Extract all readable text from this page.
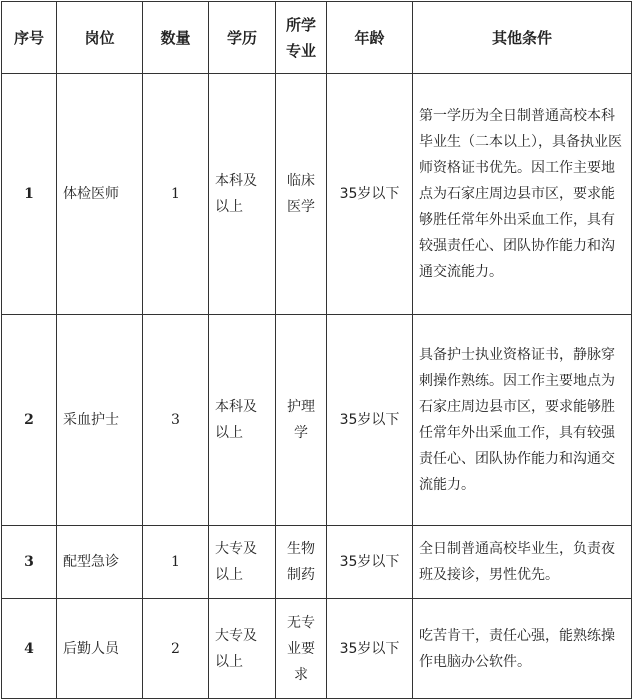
序号	岗位	数量	学历	所学专业	年龄	其他条件
1	体检医师	1	本科及以上	临床医学	35岁以下	第一学历为全日制普通高校本科毕业生（二本以上），具备执业医师资格证书优先。因工作主要地点为石家庄周边县市区，要求能够胜任常年外出采血工作，具有较强责任心、团队协作能力和沟通交流能力。
2	采血护士	3	本科及以上	护理学	35岁以下	具备护士执业资格证书，静脉穿刺操作熟练。因工作主要地点为石家庄周边县市区，要求能够胜任常年外出采血工作，具有较强责任心、团队协作能力和沟通交流能力。
3	配型急诊	1	大专及以上	生物制药	35岁以下	全日制普通高校毕业生，负责夜班及接诊，男性优先。
4	后勤人员	2	大专及以上	无专业要求	35岁以下	吃苦肯干，责任心强，能熟练操作电脑办公软件。
